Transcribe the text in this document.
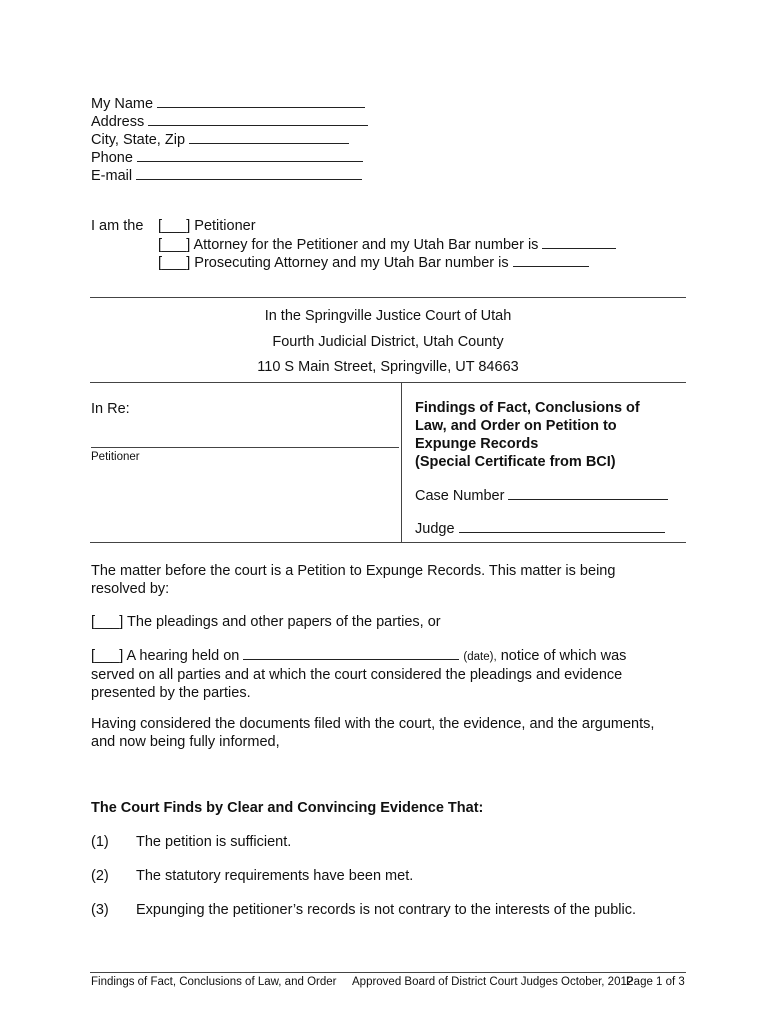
My Name
Address
City, State, Zip
Phone
E-mail
I am the [___] Petitioner
[___] Attorney for the Petitioner and my Utah Bar number is
[___] Prosecuting Attorney and my Utah Bar number is
In the Springville Justice Court of Utah
Fourth Judicial District, Utah County
110 S Main Street, Springville, UT 84663
In Re:
Petitioner
Findings of Fact, Conclusions of
Law, and Order on Petition to
Expunge Records
(Special Certificate from BCI)
Case Number
Judge
The matter before the court is a Petition to Expunge Records. This matter is being
resolved by:
[___] The pleadings and other papers of the parties, or
[___] A hearing held on	(date), notice of which was
served on all parties and at which the court considered the pleadings and evidence
presented by the parties.
Having considered the documents filed with the court, the evidence, and the arguments,
and now being fully informed,
The Court Finds by Clear and Convincing Evidence That:
(1) The petition is sufficient.
(2) The statutory requirements have been met.
(3) Expunging the petitioner’s records is not contrary to the interests of the public.
Findings of Fact, Conclusions of Law, and Order Approved Board of District Court Judges October, 2012
Page 1 of 3
